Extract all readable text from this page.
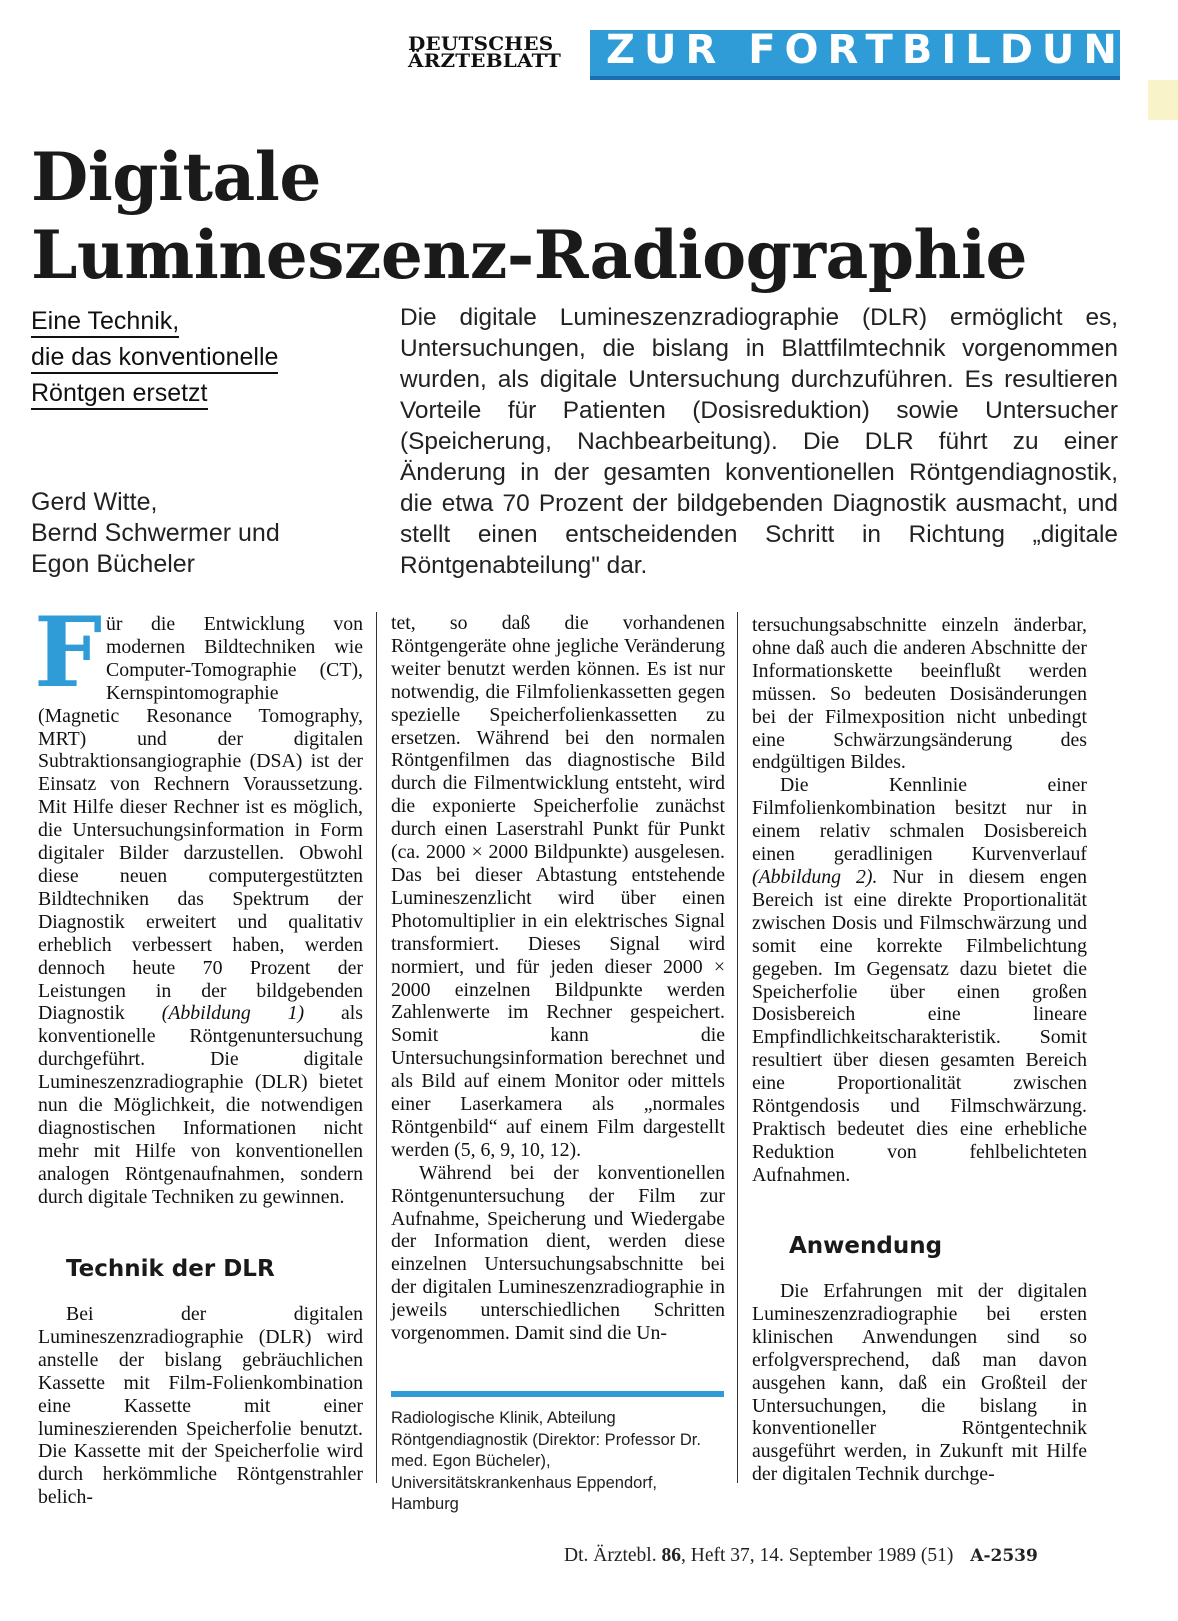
DEUTSCHES
ÄRZTEBLATT	ZUR FORTBILDUNG
Digitale
Lumineszenz-Radiographie
Eine Technik,
die das konventionelle
Röntgen ersetzt
Gerd Witte,
Bernd Schwermer und
Egon Bücheler
Die digitale Lumineszenzradiographie (DLR) ermöglicht es, Untersuchungen, die bislang in Blattfilmtechnik vorgenommen wurden, als digitale Untersuchung durchzuführen. Es resultieren Vorteile für Patienten (Dosisreduktion) sowie Untersucher (Speicherung, Nachbearbeitung). Die DLR führt zu einer Änderung in der gesamten konventionellen Röntgendiagnostik, die etwa 70 Prozent der bildgebenden Diagnostik ausmacht, und stellt einen entscheidenden Schritt in Richtung „digitale Röntgenabteilung" dar.

Für die Entwicklung von modernen Bildtechniken wie Computer-Tomographie (CT), Kernspintomographie (Magnetic Resonance Tomography, MRT) und der digitalen Subtraktionsangiographie (DSA) ist der Einsatz von Rechnern Voraussetzung. Mit Hilfe dieser Rechner ist es möglich, die Untersuchungsinformation in Form digitaler Bilder darzustellen. Obwohl diese neuen computergestützten Bildtechniken das Spektrum der Diagnostik erweitert und qualitativ erheblich verbessert haben, werden dennoch heute 70 Prozent der Leistungen in der bildgebenden Diagnostik (Abbildung 1) als konventionelle Röntgenuntersuchung durchgeführt. Die digitale Lumineszenzradiographie (DLR) bietet nun die Möglichkeit, die notwendigen diagnostischen Informationen nicht mehr mit Hilfe von konventionellen analogen Röntgenaufnahmen, sondern durch digitale Techniken zu gewinnen.

Technik der DLR

Bei der digitalen Lumineszenzradiographie (DLR) wird anstelle der bislang gebräuchlichen Kassette mit Film-Folienkombination eine Kassette mit einer lumineszierenden Speicherfolie benutzt. Die Kassette mit der Speicherfolie wird durch herkömmliche Röntgenstrahler belich-

tet, so daß die vorhandenen Röntgengeräte ohne jegliche Veränderung weiter benutzt werden können. Es ist nur notwendig, die Filmfolienkassetten gegen spezielle Speicherfolienkassetten zu ersetzen. Während bei den normalen Röntgenfilmen das diagnostische Bild durch die Filmentwicklung entsteht, wird die exponierte Speicherfolie zunächst durch einen Laserstrahl Punkt für Punkt (ca. 2000 × 2000 Bildpunkte) ausgelesen. Das bei dieser Abtastung entstehende Lumineszenzlicht wird über einen Photomultiplier in ein elektrisches Signal transformiert. Dieses Signal wird normiert, und für jeden dieser 2000 × 2000 einzelnen Bildpunkte werden Zahlenwerte im Rechner gespeichert. Somit kann die Untersuchungsinformation berechnet und als Bild auf einem Monitor oder mittels einer Laserkamera als „normales Röntgenbild“ auf einem Film dargestellt werden (5, 6, 9, 10, 12).

Während bei der konventionellen Röntgenuntersuchung der Film zur Aufnahme, Speicherung und Wiedergabe der Information dient, werden diese einzelnen Untersuchungsabschnitte bei der digitalen Lumineszenzradiographie in jeweils unterschiedlichen Schritten vorgenommen. Damit sind die Un-

Radiologische Klinik, Abteilung Röntgendiagnostik (Direktor: Professor Dr. med. Egon Bücheler), Universitätskrankenhaus Eppendorf, Hamburg

tersuchungsabschnitte einzeln änderbar, ohne daß auch die anderen Abschnitte der Informationskette beeinflußt werden müssen. So bedeuten Dosisänderungen bei der Filmexposition nicht unbedingt eine Schwärzungsänderung des endgültigen Bildes.

Die Kennlinie einer Filmfolienkombination besitzt nur in einem relativ schmalen Dosisbereich einen geradlinigen Kurvenverlauf (Abbildung 2). Nur in diesem engen Bereich ist eine direkte Proportionalität zwischen Dosis und Filmschwärzung und somit eine korrekte Filmbelichtung gegeben. Im Gegensatz dazu bietet die Speicherfolie über einen großen Dosisbereich eine lineare Empfindlichkeitscharakteristik. Somit resultiert über diesen gesamten Bereich eine Proportionalität zwischen Röntgendosis und Filmschwärzung. Praktisch bedeutet dies eine erhebliche Reduktion von fehlbelichteten Aufnahmen.

Anwendung

Die Erfahrungen mit der digitalen Lumineszenzradiographie bei ersten klinischen Anwendungen sind so erfolgversprechend, daß man davon ausgehen kann, daß ein Großteil der Untersuchungen, die bislang in konventioneller Röntgentechnik ausgeführt werden, in Zukunft mit Hilfe der digitalen Technik durchge-

Dt. Ärztebl. 86, Heft 37, 14. September 1989 (51) A-2539
